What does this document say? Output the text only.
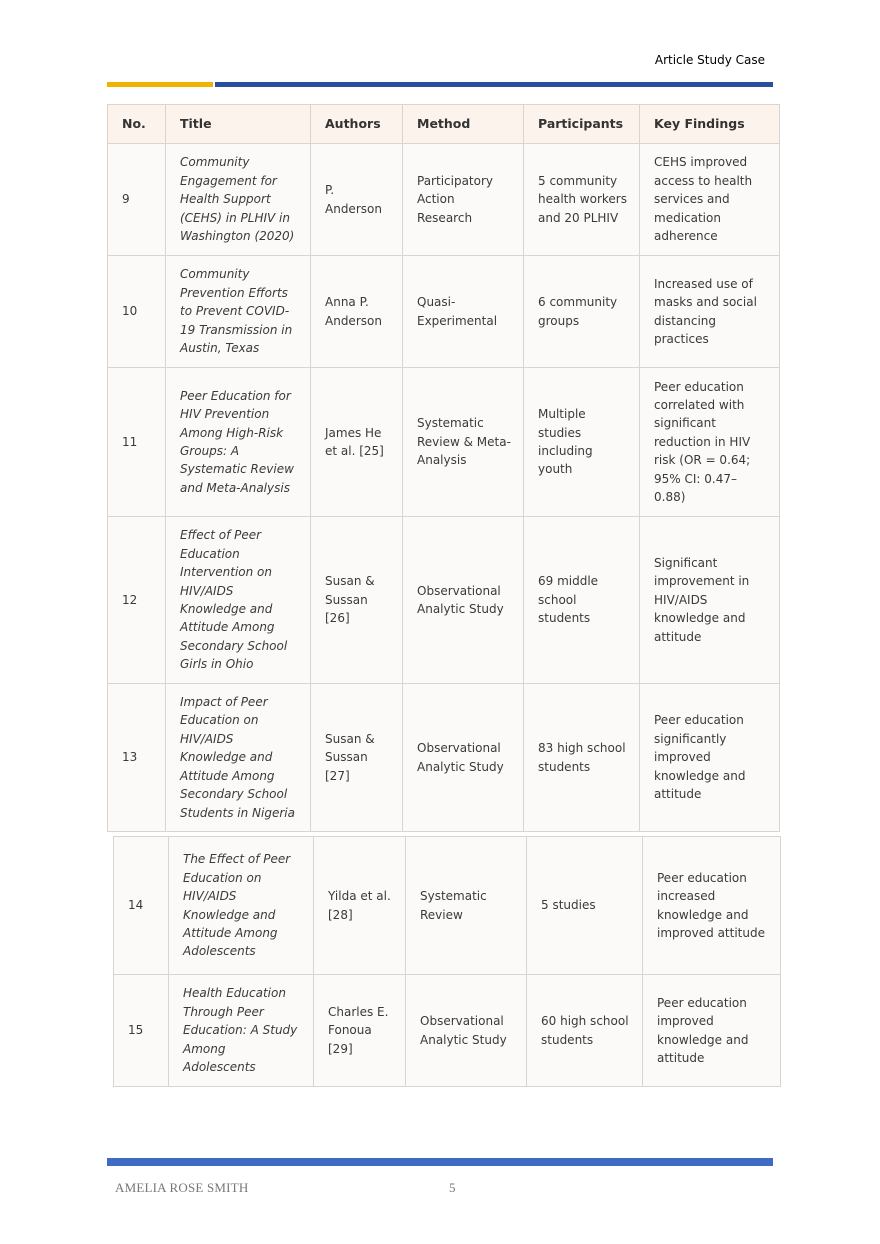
Article Study Case
No.	Title	Authors	Method	Participants	Key Findings
9	Community Engagement for Health Support (CEHS) in PLHIV in Washington (2020)	P. Anderson	Participatory Action Research	5 community health workers and 20 PLHIV	CEHS improved access to health services and medication adherence
10	Community Prevention Efforts to Prevent COVID-19 Transmission in Austin, Texas	Anna P. Anderson	Quasi-Experimental	6 community groups	Increased use of masks and social distancing practices
11	Peer Education for HIV Prevention Among High-Risk Groups: A Systematic Review and Meta-Analysis	James He et al. [25]	Systematic Review & Meta-Analysis	Multiple studies including youth	Peer education correlated with significant reduction in HIV risk (OR = 0.64; 95% CI: 0.47–0.88)
12	Effect of Peer Education Intervention on HIV/AIDS Knowledge and Attitude Among Secondary School Girls in Ohio	Susan & Sussan [26]	Observational Analytic Study	69 middle school students	Significant improvement in HIV/AIDS knowledge and attitude
13	Impact of Peer Education on HIV/AIDS Knowledge and Attitude Among Secondary School Students in Nigeria	Susan & Sussan [27]	Observational Analytic Study	83 high school students	Peer education significantly improved knowledge and attitude
14	The Effect of Peer Education on HIV/AIDS Knowledge and Attitude Among Adolescents	Yilda et al. [28]	Systematic Review	5 studies	Peer education increased knowledge and improved attitude
15	Health Education Through Peer Education: A Study Among Adolescents	Charles E. Fonoua [29]	Observational Analytic Study	60 high school students	Peer education improved knowledge and attitude
AMELIA ROSE SMITH	5
